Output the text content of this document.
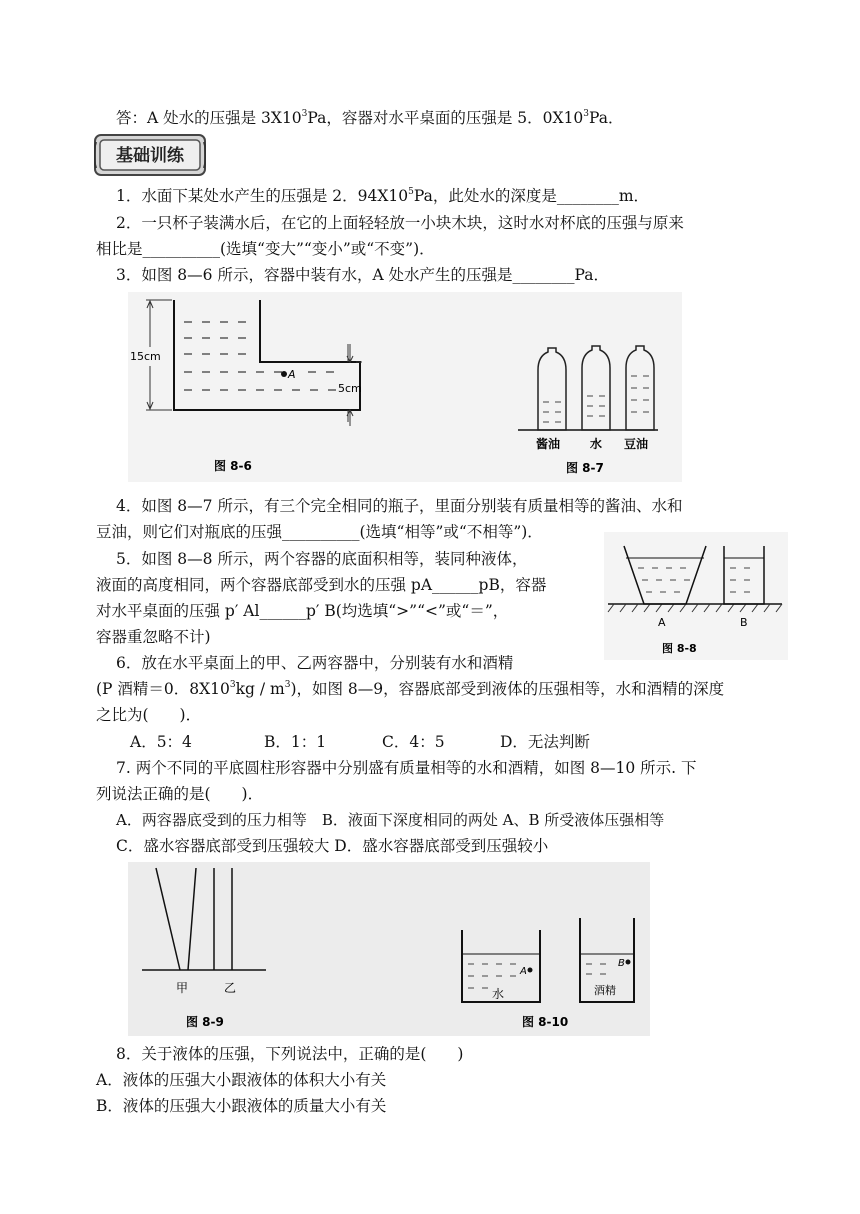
答：A 处水的压强是 $3X10^3Pa$，容器对水平桌面的压强是 5．$0X10^3Pa$．
基础训练
1．水面下某处水产生的压强是 2．$94X10^5Pa$，此处水的深度是________m．
2．一只杯子装满水后，在它的上面轻轻放一小块木块，这时水对杯底的压强与原来
相比是__________(选填“变大”“变小”或“不变”)．
3．如图 8—6 所示，容器中装有水，A 处水产生的压强是________Pa．
A
15cm
5cm
图 8-6
酱油 水 豆油
图 8-7
4．如图 8—7 所示，有三个完全相同的瓶子，里面分别装有质量相等的酱油、水和
豆油，则它们对瓶底的压强__________(选填“相等”或“不相等”)．
5．如图 8—8 所示，两个容器的底面积相等，装同种液体，
液面的高度相同，两个容器底部受到水的压强 pA______pB，容器
对水平桌面的压强 p′ Al______p′ B(均选填“>”“<”或“＝”，
容器重忽略不计)
A	B
图 8-8
6．放在水平桌面上的甲、乙两容器中，分别装有水和酒精
(P 酒精＝0．$8X10^3kg / m^3$)，如图 8—9，容器底部受到液体的压强相等，水和酒精的深度
之比为(　　)．
A．5：4	B．1：1	C．4：5	D．无法判断
7. 两个不同的平底圆柱形容器中分别盛有质量相等的水和酒精，如图 8—10 所示. 下
列说法正确的是(　　)．
A．两容器底受到的压力相等　B．液面下深度相同的两处 A、B 所受液体压强相等
C．盛水容器底部受到压强较大 D．盛水容器底部受到压强较小
甲	乙
图 8-9
A
B
水	酒精
图 8-10
8．关于液体的压强，下列说法中，正确的是(　　)
A．液体的压强大小跟液体的体积大小有关
B．液体的压强大小跟液体的质量大小有关
